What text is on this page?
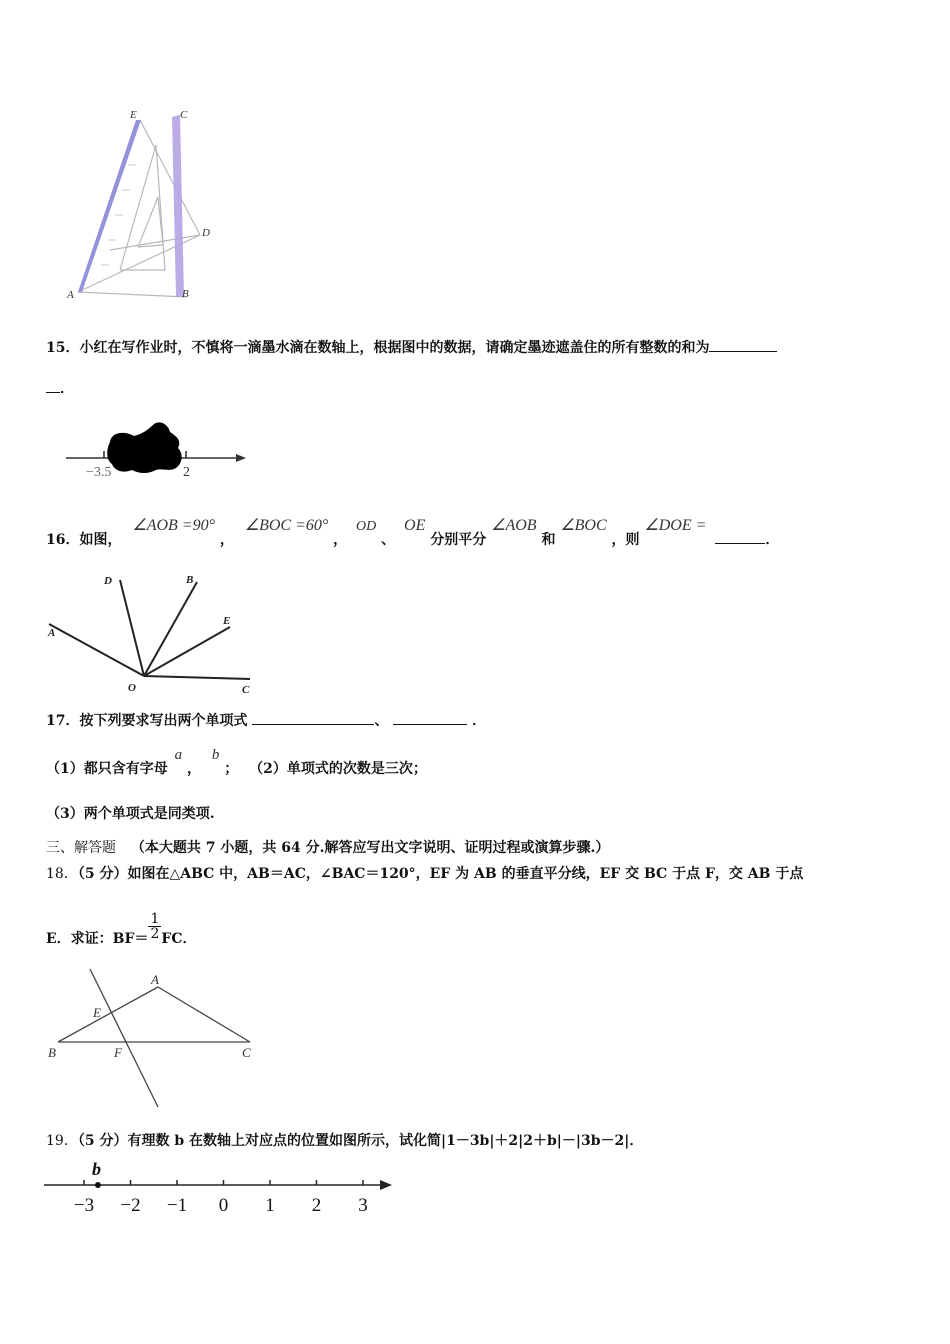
E	C
D
A	B
15．小红在写作业时，不慎将一滴墨水滴在数轴上，根据图中的数据，请确定墨迹遮盖住的所有整数的和为
．
−3.5	2
16．如图， ∠AOB =90° ， ∠BOC =60° ， OD 、 OE 分别平分 ∠AOB 和 ∠BOC ，则 ∠DOE = ．
D	B
E
A
O	C
17．按下列要求写出两个单项式	、	．
（1）都只含有字母 a ， b ； （2）单项式的次数是三次；
（3）两个单项式是同类项.
三、解答题 （本大题共 7 小题，共 64 分.解答应写出文字说明、证明过程或演算步骤.）
18．（5 分）如图在△ABC 中，AB＝AC，∠BAC＝120°，EF 为 AB 的垂直平分线，EF 交 BC 于点 F，交 AB 于点
E．求证：$BF= \frac{1}{2}$ FC．
A
E
B	F	C
19．（5 分）有理数 b 在数轴上对应点的位置如图所示，试化简|1－3b|＋2|2＋b|－|3b－2|．
−3 −2 −1 0 1 2 3
b
